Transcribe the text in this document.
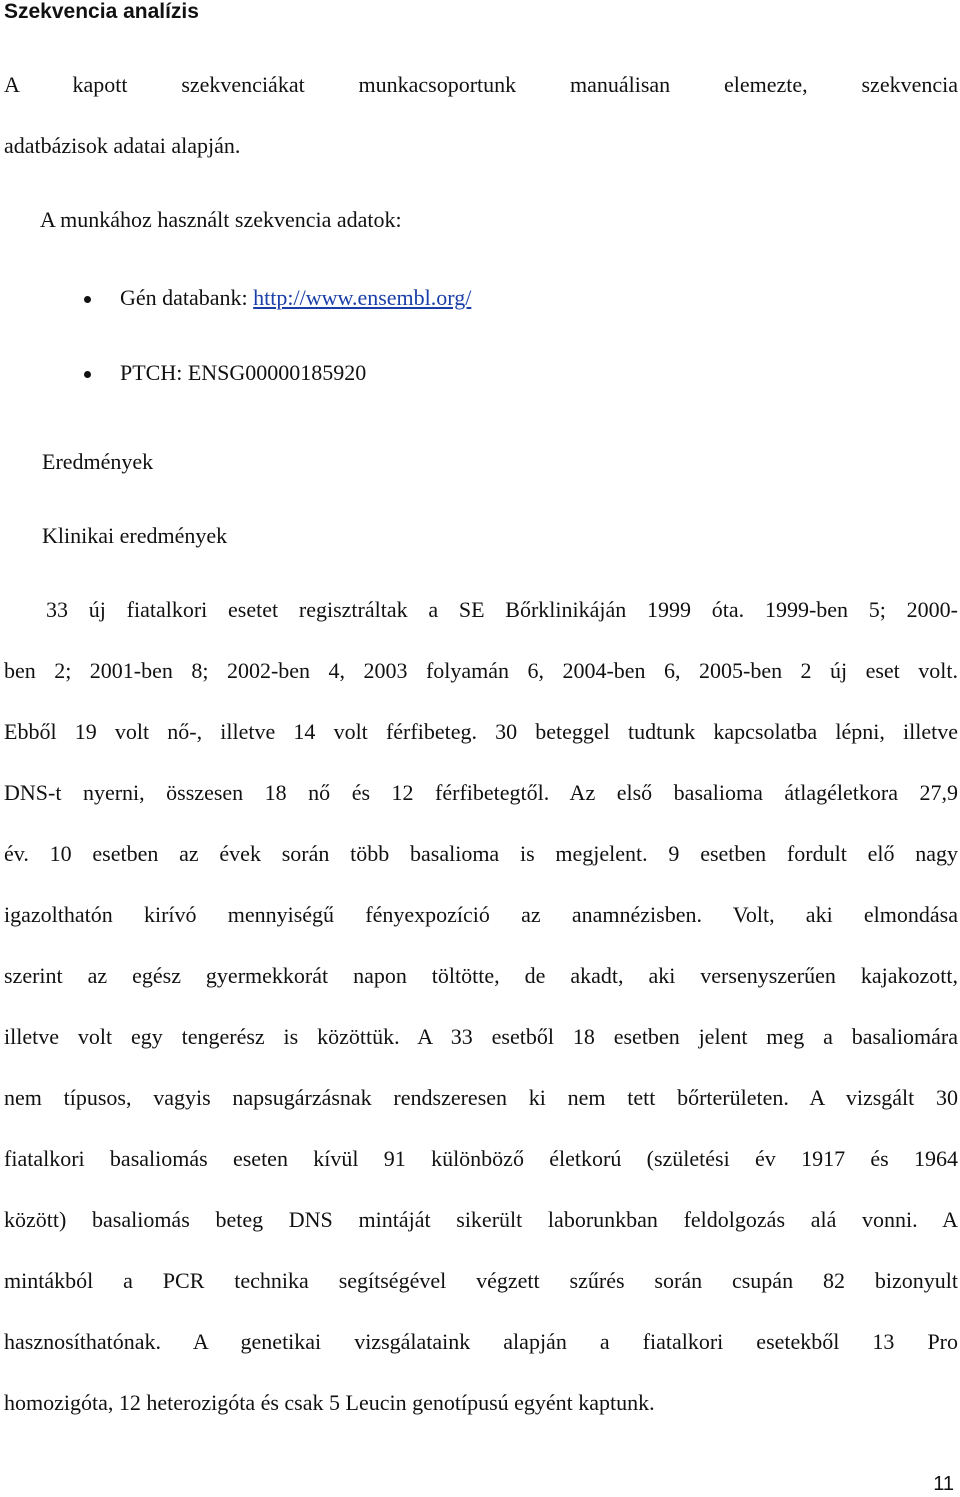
Szekvencia analízis
A kapott szekvenciákat munkacsoportunk manuálisan elemezte, szekvencia
adatbázisok adatai alapján.
A munkához használt szekvencia adatok:
Gén databank: http://www.ensembl.org/
PTCH: ENSG00000185920
Eredmények
Klinikai eredmények
33 új fiatalkori esetet regisztráltak a SE Bőrklinikáján 1999 óta. 1999-ben 5; 2000-
ben 2; 2001-ben 8; 2002-ben 4, 2003 folyamán 6, 2004-ben 6, 2005-ben 2 új eset volt.
Ebből 19 volt nő-, illetve 14 volt férfibeteg. 30 beteggel tudtunk kapcsolatba lépni, illetve
DNS-t nyerni, összesen 18 nő és 12 férfibetegtől. Az első basalioma átlagéletkora 27,9
év. 10 esetben az évek során több basalioma is megjelent. 9 esetben fordult elő nagy
igazolthatón kirívó mennyiségű fényexpozíció az anamnézisben. Volt, aki elmondása
szerint az egész gyermekkorát napon töltötte, de akadt, aki versenyszerűen kajakozott,
illetve volt egy tengerész is közöttük. A 33 esetből 18 esetben jelent meg a basaliomára
nem típusos, vagyis napsugárzásnak rendszeresen ki nem tett bőrterületen. A vizsgált 30
fiatalkori basaliomás eseten kívül 91 különböző életkorú (születési év 1917 és 1964
között) basaliomás beteg DNS mintáját sikerült laborunkban feldolgozás alá vonni. A
mintákból a PCR technika segítségével végzett szűrés során csupán 82 bizonyult
hasznosíthatónak. A genetikai vizsgálataink alapján a fiatalkori esetekből 13 Pro
homozigóta, 12 heterozigóta és csak 5 Leucin genotípusú egyént kaptunk.
11
